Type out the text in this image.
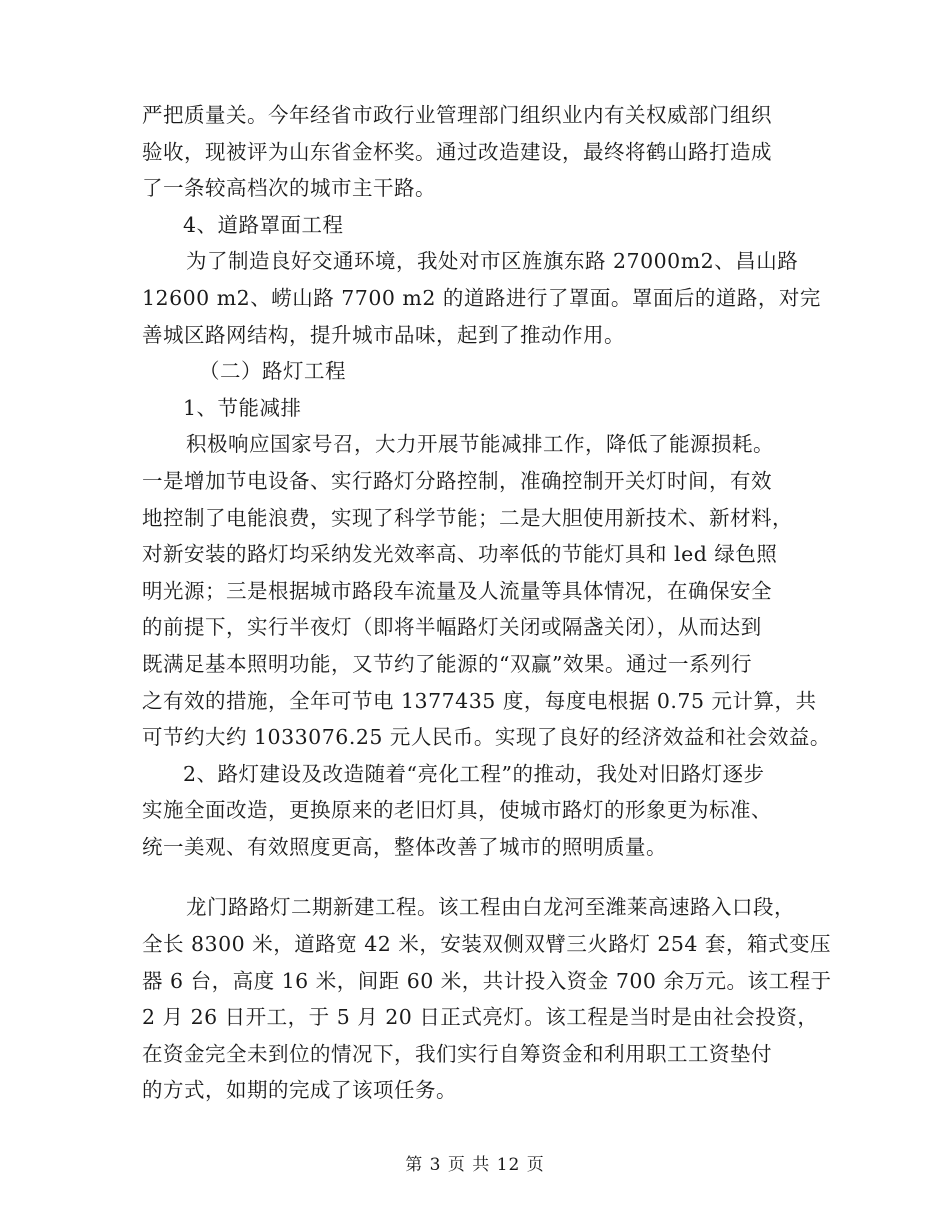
严把质量关。今年经省市政行业管理部门组织业内有关权威部门组织
验收，现被评为山东省金杯奖。通过改造建设，最终将鹤山路打造成
了一条较高档次的城市主干路。
4、道路罩面工程
为了制造良好交通环境，我处对市区旌旗东路 27000m2、昌山路
12600 m2、崂山路 7700 m2 的道路进行了罩面。罩面后的道路，对完
善城区路网结构，提升城市品味，起到了推动作用。
（二）路灯工程
1、节能减排
积极响应国家号召，大力开展节能减排工作，降低了能源损耗。
一是增加节电设备、实行路灯分路控制，准确控制开关灯时间，有效
地控制了电能浪费，实现了科学节能；二是大胆使用新技术、新材料，
对新安装的路灯均采纳发光效率高、功率低的节能灯具和 led 绿色照
明光源；三是根据城市路段车流量及人流量等具体情况，在确保安全
的前提下，实行半夜灯（即将半幅路灯关闭或隔盏关闭），从而达到
既满足基本照明功能，又节约了能源的“双赢”效果。通过一系列行
之有效的措施，全年可节电 1377435 度，每度电根据 0.75 元计算，共
可节约大约 1033076.25 元人民币。实现了良好的经济效益和社会效益。
2、路灯建设及改造随着“亮化工程”的推动，我处对旧路灯逐步
实施全面改造，更换原来的老旧灯具，使城市路灯的形象更为标准、
统一美观、有效照度更高，整体改善了城市的照明质量。
龙门路路灯二期新建工程。该工程由白龙河至潍莱高速路入口段，
全长 8300 米，道路宽 42 米，安装双侧双臂三火路灯 254 套，箱式变压
器 6 台，高度 16 米，间距 60 米，共计投入资金 700 余万元。该工程于
2 月 26 日开工，于 5 月 20 日正式亮灯。该工程是当时是由社会投资，
在资金完全未到位的情况下，我们实行自筹资金和利用职工工资垫付
的方式，如期的完成了该项任务。
第 3 页 共 12 页
